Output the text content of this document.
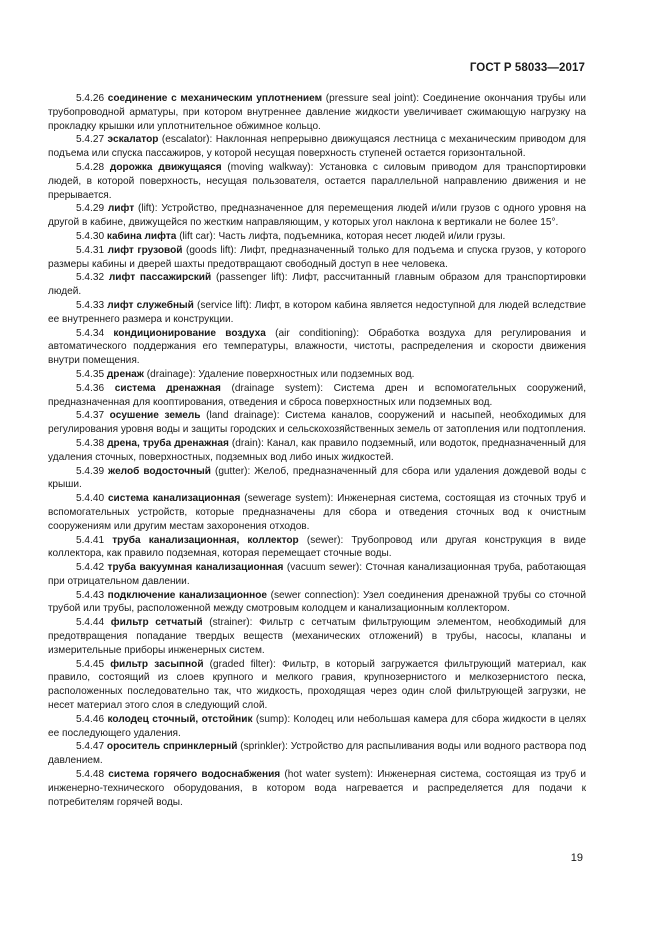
ГОСТ Р 58033—2017

5.4.26 соединение с механическим уплотнением (pressure seal joint): Соединение окончания трубы или трубопроводной арматуры, при котором внутреннее давление жидкости увеличивает сжимающую нагрузку на прокладку крышки или уплотнительное обжимное кольцо.

5.4.27 эскалатор (escalator): Наклонная непрерывно движущаяся лестница с механическим приводом для подъема или спуска пассажиров, у которой несущая поверхность ступеней остается горизонтальной.

5.4.28 дорожка движущаяся (moving walkway): Установка с силовым приводом для транспортировки людей, в которой поверхность, несущая пользователя, остается параллельной направлению движения и не прерывается.

5.4.29 лифт (lift): Устройство, предназначенное для перемещения людей и/или грузов с одного уровня на другой в кабине, движущейся по жестким направляющим, у которых угол наклона к вертикали не более 15°.

5.4.30 кабина лифта (lift car): Часть лифта, подъемника, которая несет людей и/или грузы.

5.4.31 лифт грузовой (goods lift): Лифт, предназначенный только для подъема и спуска грузов, у которого размеры кабины и дверей шахты предотвращают свободный доступ в нее человека.

5.4.32 лифт пассажирский (passenger lift): Лифт, рассчитанный главным образом для транспортировки людей.

5.4.33 лифт служебный (service lift): Лифт, в котором кабина является недоступной для людей вследствие ее внутреннего размера и конструкции.

5.4.34 кондиционирование воздуха (air conditioning): Обработка воздуха для регулирования и автоматического поддержания его температуры, влажности, чистоты, распределения и скорости движения внутри помещения.

5.4.35 дренаж (drainage): Удаление поверхностных или подземных вод.

5.4.36 система дренажная (drainage system): Система дрен и вспомогательных сооружений, предназначенная для кооптирования, отведения и сброса поверхностных или подземных вод.

5.4.37 осушение земель (land drainage): Система каналов, сооружений и насыпей, необходимых для регулирования уровня воды и защиты городских и сельскохозяйственных земель от затопления или подтопления.

5.4.38 дрена, труба дренажная (drain): Канал, как правило подземный, или водоток, предназначенный для удаления сточных, поверхностных, подземных вод либо иных жидкостей.

5.4.39 желоб водосточный (gutter): Желоб, предназначенный для сбора или удаления дождевой воды с крыши.

5.4.40 система канализационная (sewerage system): Инженерная система, состоящая из сточных труб и вспомогательных устройств, которые предназначены для сбора и отведения сточных вод к очистным сооружениям или другим местам захоронения отходов.

5.4.41 труба канализационная, коллектор (sewer): Трубопровод или другая конструкция в виде коллектора, как правило подземная, которая перемещает сточные воды.

5.4.42 труба вакуумная канализационная (vacuum sewer): Сточная канализационная труба, работающая при отрицательном давлении.

5.4.43 подключение канализационное (sewer connection): Узел соединения дренажной трубы со сточной трубой или трубы, расположенной между смотровым колодцем и канализационным коллектором.

5.4.44 фильтр сетчатый (strainer): Фильтр с сетчатым фильтрующим элементом, необходимый для предотвращения попадание твердых веществ (механических отложений) в трубы, насосы, клапаны и измерительные приборы инженерных систем.

5.4.45 фильтр засыпной (graded filter): Фильтр, в который загружается фильтрующий материал, как правило, состоящий из слоев крупного и мелкого гравия, крупнозернистого и мелкозернистого песка, расположенных последовательно так, что жидкость, проходящая через один слой фильтрующей загрузки, не несет материал этого слоя в следующий слой.

5.4.46 колодец сточный, отстойник (sump): Колодец или небольшая камера для сбора жидкости в целях ее последующего удаления.

5.4.47 ороситель спринклерный (sprinkler): Устройство для распыливания воды или водного раствора под давлением.

5.4.48 система горячего водоснабжения (hot water system): Инженерная система, состоящая из труб и инженерно-технического оборудования, в котором вода нагревается и распределяется для подачи к потребителям горячей воды.

19
